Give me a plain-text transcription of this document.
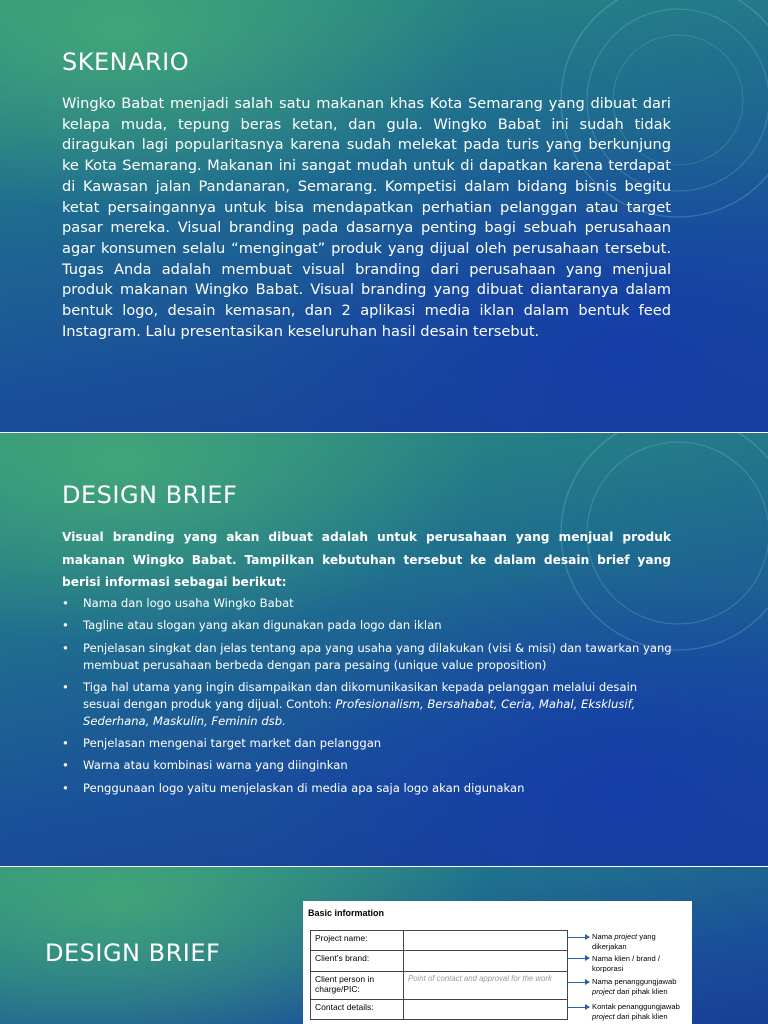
SKENARIO

Wingko Babat menjadi salah satu makanan khas Kota Semarang yang dibuat dari kelapa muda, tepung beras ketan, dan gula. Wingko Babat ini sudah tidak diragukan lagi popularitasnya karena sudah melekat pada turis yang berkunjung ke Kota Semarang. Makanan ini sangat mudah untuk di dapatkan karena terdapat di Kawasan jalan Pandanaran, Semarang. Kompetisi dalam bidang bisnis begitu ketat persaingannya untuk bisa mendapatkan perhatian pelanggan atau target pasar mereka. Visual branding pada dasarnya penting bagi sebuah perusahaan agar konsumen selalu “mengingat” produk yang dijual oleh perusahaan tersebut. Tugas Anda adalah membuat visual branding dari perusahaan yang menjual produk makanan Wingko Babat. Visual branding yang dibuat diantaranya dalam bentuk logo, desain kemasan, dan 2 aplikasi media iklan dalam bentuk feed Instagram. Lalu presentasikan keseluruhan hasil desain tersebut.

DESIGN BRIEF

Visual branding yang akan dibuat adalah untuk perusahaan yang menjual produk makanan Wingko Babat. Tampilkan kebutuhan tersebut ke dalam desain brief yang berisi informasi sebagai berikut:

• Nama dan logo usaha Wingko Babat
• Tagline atau slogan yang akan digunakan pada logo dan iklan
• Penjelasan singkat dan jelas tentang apa yang usaha yang dilakukan (visi & misi) dan tawarkan yang membuat perusahaan berbeda dengan para pesaing (unique value proposition)
• Tiga hal utama yang ingin disampaikan dan dikomunikasikan kepada pelanggan melalui desain sesuai dengan produk yang dijual. Contoh: Profesionalism, Bersahabat, Ceria, Mahal, Eksklusif, Sederhana, Maskulin, Feminin dsb.
• Penjelasan mengenai target market dan pelanggan
• Warna atau kombinasi warna yang diinginkan
• Penggunaan logo yaitu menjelaskan di media apa saja logo akan digunakan
DESIGN BRIEF
Basic information
Project name:	
Client’s brand:	
Client person in charge/PIC:	Point of contact and approval for the work
Contact details:	
Nama project yang
dikerjakan
Nama klien / brand /
korporasi
Nama penanggungjawab
project dari pihak klien
Kontak penanggungjawab
project dari pihak klien
